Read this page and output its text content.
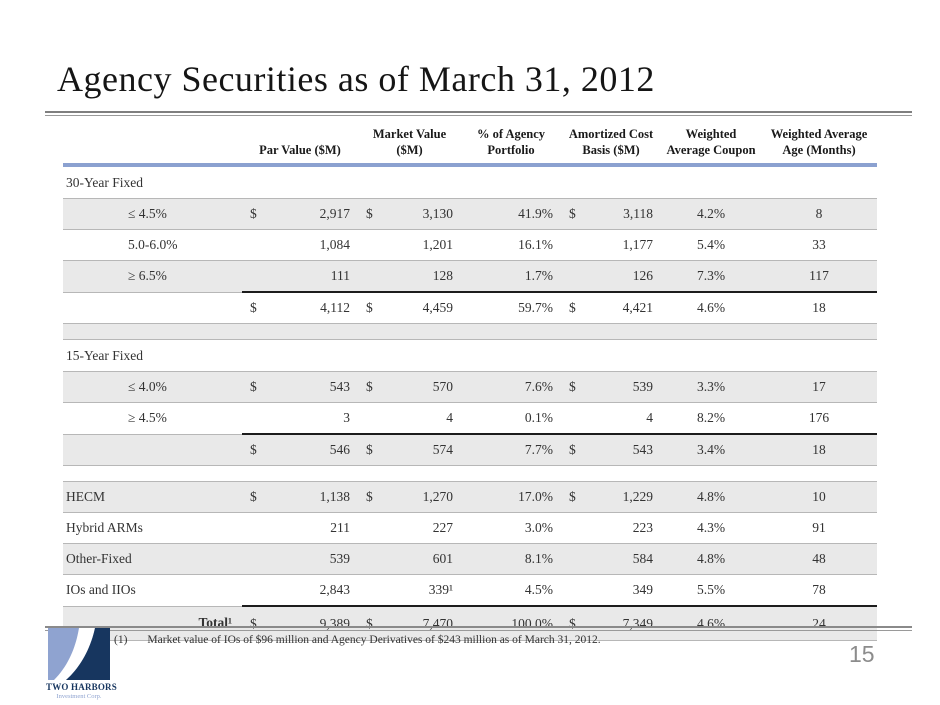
Agency Securities as of March 31, 2012
	Par Value ($M)		Market Value ($M)		% of Agency Portfolio	Amortized Cost Basis ($M)		Weighted Average Coupon	Weighted Average Age (Months)
30-Year Fixed									
≤ 4.5%	$	2,917	$	3,130	41.9%	$	3,118	4.2%	8
5.0-6.0%		1,084		1,201	16.1%		1,177	5.4%	33
≥ 6.5%		111		128	1.7%		126	7.3%	117
	$	4,112	$	4,459	59.7%	$	4,421	4.6%	18

15-Year Fixed									
≤ 4.0%	$	543	$	570	7.6%	$	539	3.3%	17
≥ 4.5%		3		4	0.1%		4	8.2%	176
	$	546	$	574	7.7%	$	543	3.4%	18

HECM	$	1,138	$	1,270	17.0%	$	1,229	4.8%	10
Hybrid ARMs		211		227	3.0%		223	4.3%	91
Other-Fixed		539		601	8.1%		584	4.8%	48
IOs and IIOs		2,843		339¹	4.5%		349	5.5%	78
Total¹	$	9,389	$	7,470	100.0%	$	7,349	4.6%	24
(1) Market value of IOs of $96 million and Agency Derivatives of $243 million as of March 31, 2012.
TWO HARBORS
Investment Corp.
15
